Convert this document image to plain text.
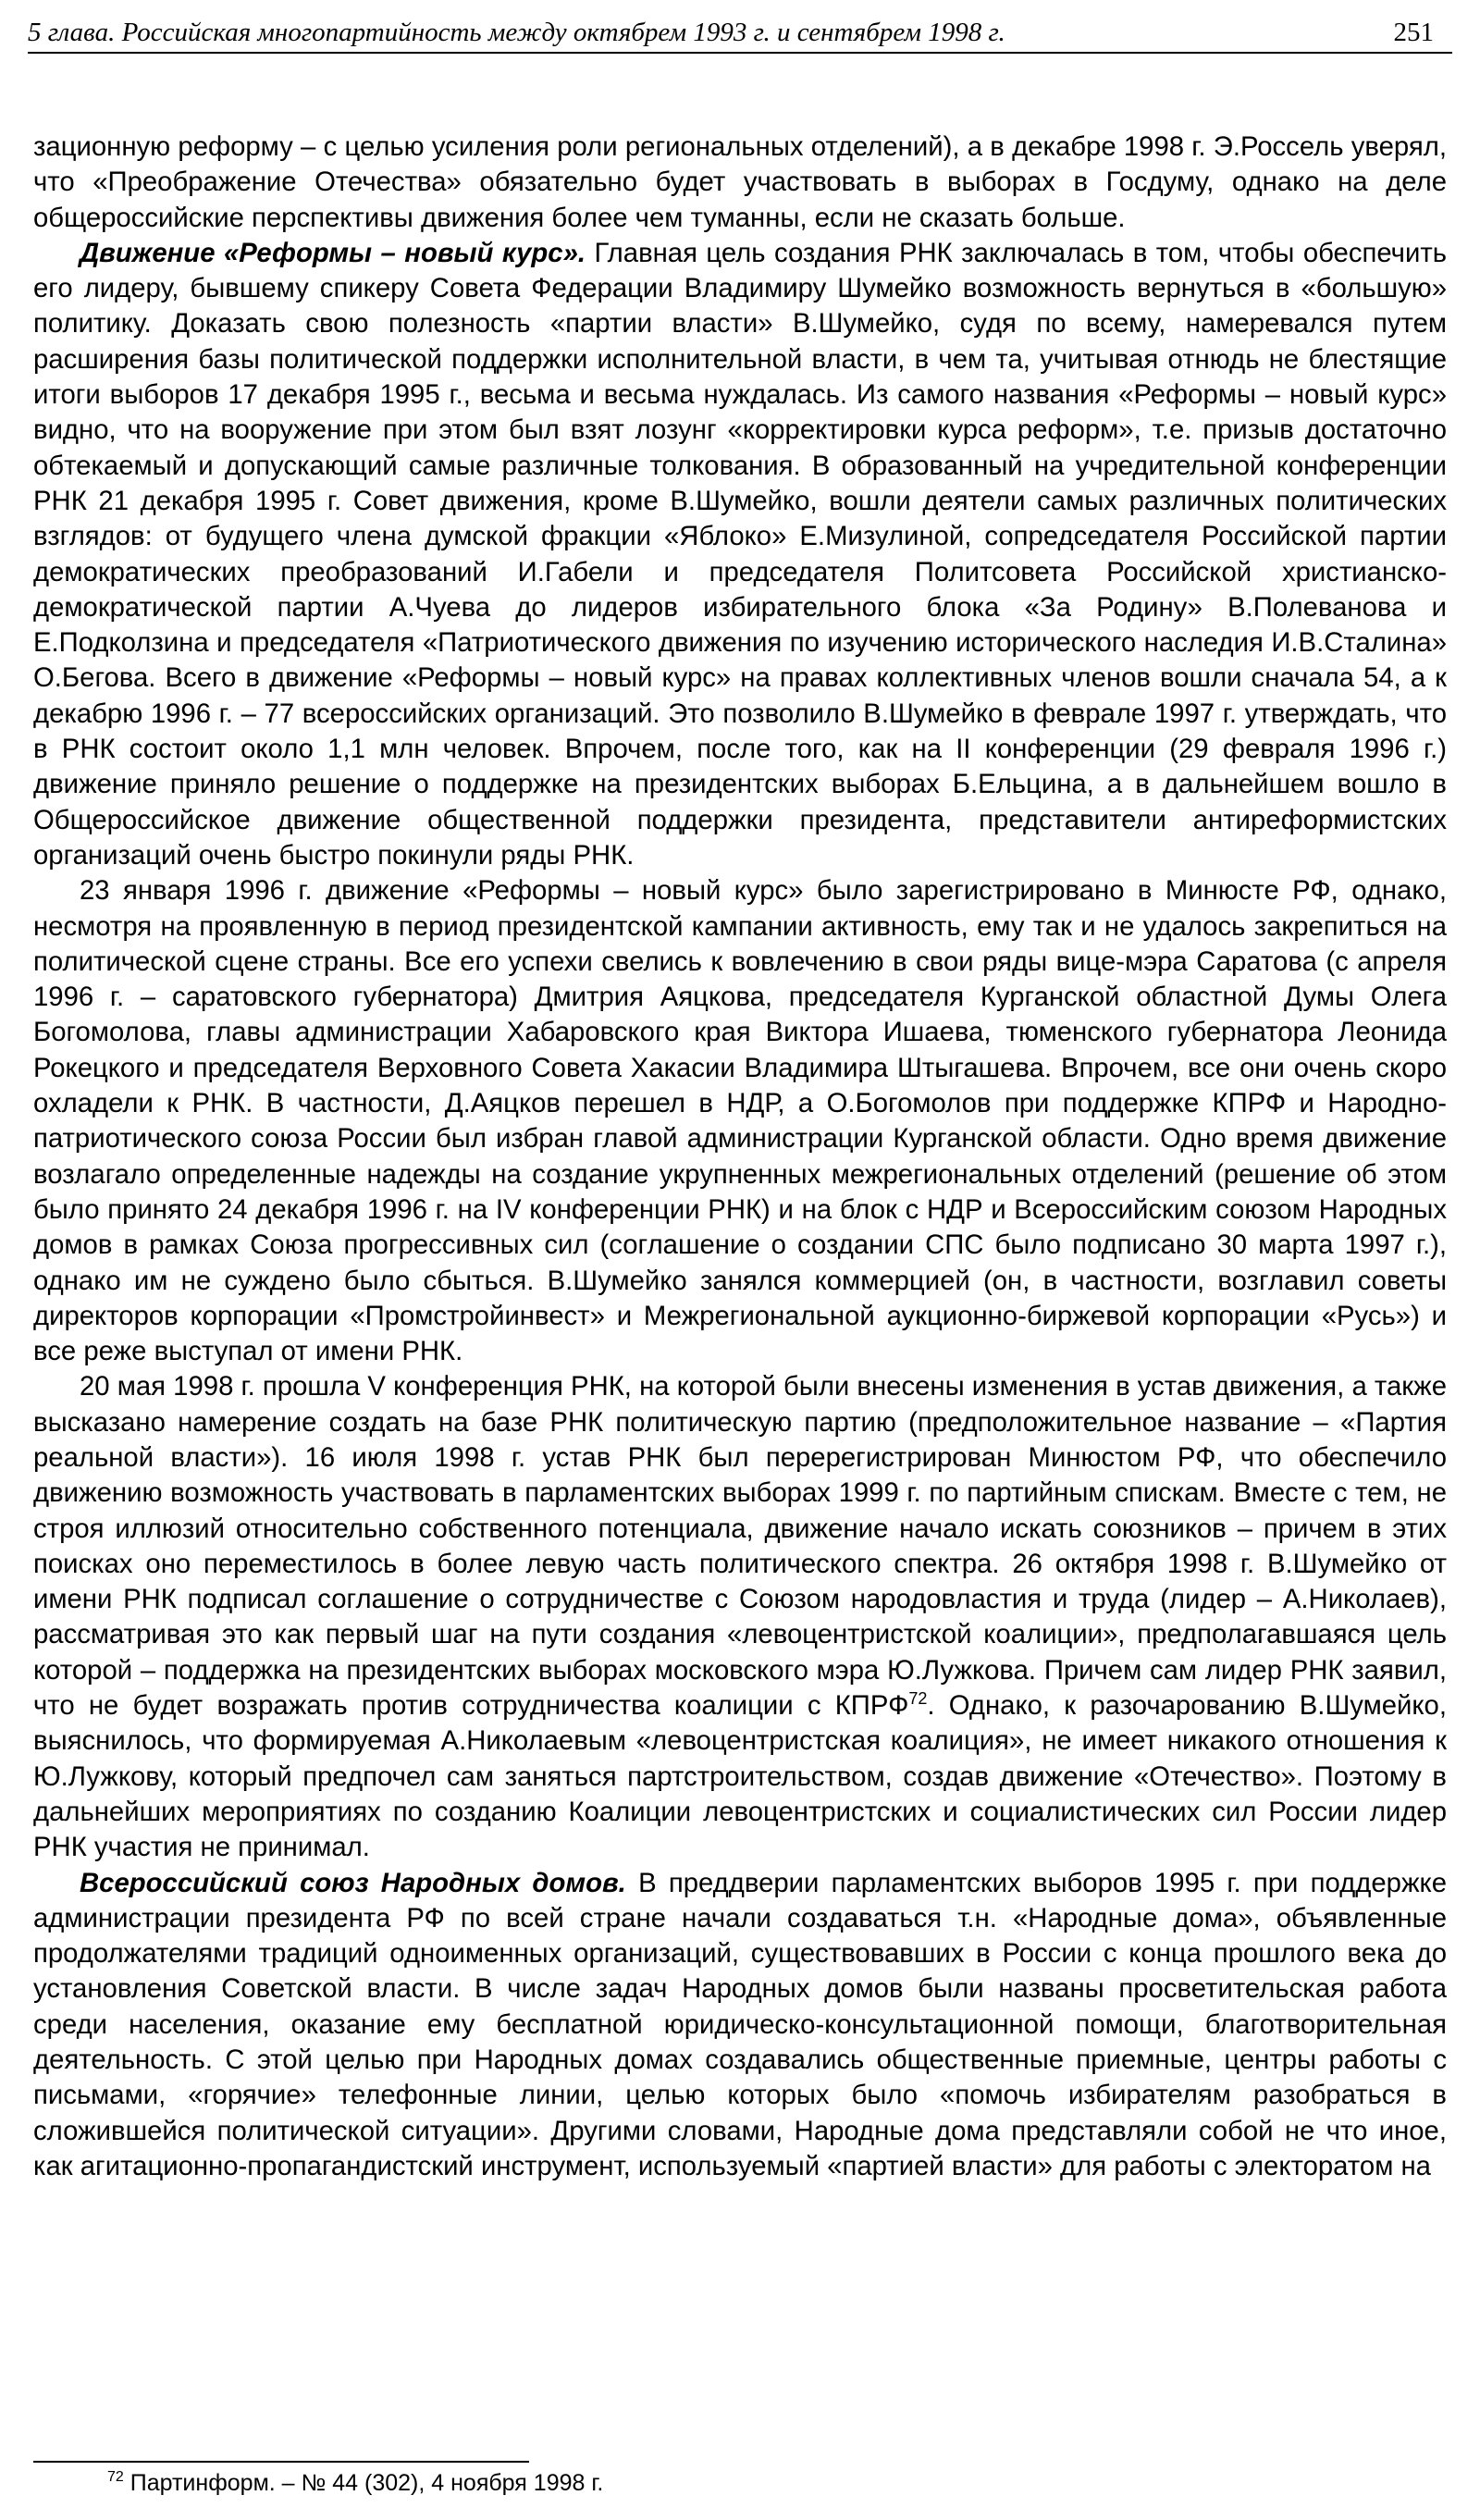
5 глава. Российская многопартийность между октябрем 1993 г. и сентябрем 1998 г.	251

зационную реформу – с целью усиления роли региональных отделений), а в декабре 1998 г. Э.Россель уверял, что «Преображение Отечества» обязательно будет участвовать в выборах в Госдуму, однако на деле общероссийские перспективы движения более чем туманны, если не сказать больше.

Движение «Реформы – новый курс». Главная цель создания РНК заключалась в том, чтобы обеспечить его лидеру, бывшему спикеру Совета Федерации Владимиру Шумейко возможность вернуться в «большую» политику. Доказать свою полезность «партии власти» В.Шумейко, судя по всему, намеревался путем расширения базы политической поддержки исполнительной власти, в чем та, учитывая отнюдь не блестящие итоги выборов 17 декабря 1995 г., весьма и весьма нуждалась. Из самого названия «Реформы – новый курс» видно, что на вооружение при этом был взят лозунг «корректировки курса реформ», т.е. призыв достаточно обтекаемый и допускающий самые различные толкования. В образованный на учредительной конференции РНК 21 декабря 1995 г. Совет движения, кроме В.Шумейко, вошли деятели самых различных политических взглядов: от будущего члена думской фракции «Яблоко» Е.Мизулиной, сопредседателя Российской партии демократических преобразований И.Габели и председателя Политсовета Российской христианско-демократической партии А.Чуева до лидеров избирательного блока «За Родину» В.Полеванова и Е.Подколзина и председателя «Патриотического движения по изучению исторического наследия И.В.Сталина» О.Бегова. Всего в движение «Реформы – новый курс» на правах коллективных членов вошли сначала 54, а к декабрю 1996 г. – 77 всероссийских организаций. Это позволило В.Шумейко в феврале 1997 г. утверждать, что в РНК состоит около 1,1 млн человек. Впрочем, после того, как на II конференции (29 февраля 1996 г.) движение приняло решение о поддержке на президентских выборах Б.Ельцина, а в дальнейшем вошло в Общероссийское движение общественной поддержки президента, представители антиреформистских организаций очень быстро покинули ряды РНК.

23 января 1996 г. движение «Реформы – новый курс» было зарегистрировано в Минюсте РФ, однако, несмотря на проявленную в период президентской кампании активность, ему так и не удалось закрепиться на политической сцене страны. Все его успехи свелись к вовлечению в свои ряды вице-мэра Саратова (с апреля 1996 г. – саратовского губернатора) Дмитрия Аяцкова, председателя Курганской областной Думы Олега Богомолова, главы администрации Хабаровского края Виктора Ишаева, тюменского губернатора Леонида Рокецкого и председателя Верховного Совета Хакасии Владимира Штыгашева. Впрочем, все они очень скоро охладели к РНК. В частности, Д.Аяцков перешел в НДР, а О.Богомолов при поддержке КПРФ и Народно-патриотического союза России был избран главой администрации Курганской области. Одно время движение возлагало определенные надежды на создание укрупненных межрегиональных отделений (решение об этом было принято 24 декабря 1996 г. на IV конференции РНК) и на блок с НДР и Всероссийским союзом Народных домов в рамках Союза прогрессивных сил (соглашение о создании СПС было подписано 30 марта 1997 г.), однако им не суждено было сбыться. В.Шумейко занялся коммерцией (он, в частности, возглавил советы директоров корпорации «Промстройинвест» и Межрегиональной аукционно-биржевой корпорации «Русь») и все реже выступал от имени РНК.

20 мая 1998 г. прошла V конференция РНК, на которой были внесены изменения в устав движения, а также высказано намерение создать на базе РНК политическую партию (предположительное название – «Партия реальной власти»). 16 июля 1998 г. устав РНК был перерегистрирован Минюстом РФ, что обеспечило движению возможность участвовать в парламентских выборах 1999 г. по партийным спискам. Вместе с тем, не строя иллюзий относительно собственного потенциала, движение начало искать союзников – причем в этих поисках оно переместилось в более левую часть политического спектра. 26 октября 1998 г. В.Шумейко от имени РНК подписал соглашение о сотрудничестве с Союзом народовластия и труда (лидер – А.Николаев), рассматривая это как первый шаг на пути создания «левоцентристской коалиции», предполагавшаяся цель которой – поддержка на президентских выборах московского мэра Ю.Лужкова. Причем сам лидер РНК заявил, что не будет возражать против сотрудничества коалиции с КПРФ$^{72}$. Однако, к разочарованию В.Шумейко, выяснилось, что формируемая А.Николаевым «левоцентристская коалиция», не имеет никакого отношения к Ю.Лужкову, который предпочел сам заняться партстроительством, создав движение «Отечество». Поэтому в дальнейших мероприятиях по созданию Коалиции левоцентристских и социалистических сил России лидер РНК участия не принимал.

Всероссийский союз Народных домов. В преддверии парламентских выборов 1995 г. при поддержке администрации президента РФ по всей стране начали создаваться т.н. «Народные дома», объявленные продолжателями традиций одноименных организаций, существовавших в России с конца прошлого века до установления Советской власти. В числе задач Народных домов были названы просветительская работа среди населения, оказание ему бесплатной юридическо-консультационной помощи, благотворительная деятельность. С этой целью при Народных домах создавались общественные приемные, центры работы с письмами, «горячие» телефонные линии, целью которых было «помочь избирателям разобраться в сложившейся политической ситуации». Другими словами, Народные дома представляли собой не что иное, как агитационно-пропагандистский инструмент, используемый «партией власти» для работы с электоратом на

$^{72}$ Партинформ. – № 44 (302), 4 ноября 1998 г.
